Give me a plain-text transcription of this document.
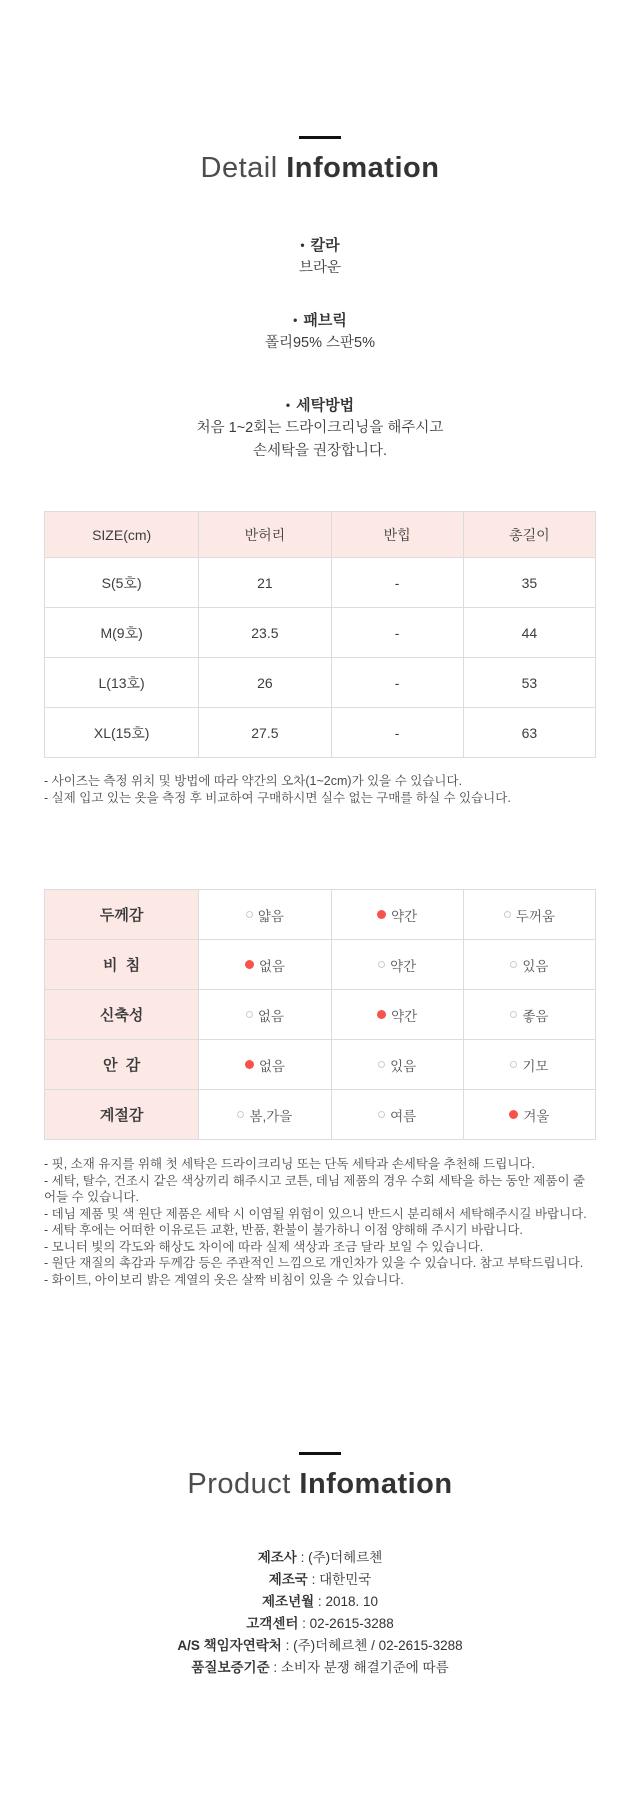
Detail Infomation
• 칼라
브라운
• 패브릭
폴리95% 스판5%
• 세탁방법
처음 1~2회는 드라이크리닝을 해주시고
손세탁을 권장합니다.
SIZE(cm)	반허리	반힙	총길이
S(5호)	21	-	35
M(9호)	23.5	-	44
L(13호)	26	-	53
XL(15호)	27.5	-	63
- 사이즈는 측정 위치 및 방법에 따라 약간의 오차(1~2cm)가 있을 수 있습니다.
- 실제 입고 있는 옷을 측정 후 비교하여 구매하시면 실수 없는 구매를 하실 수 있습니다.
두께감	얇음	약간	두꺼움

비  침	없음	약간	있음

신축성	없음	약간	좋음

안  감	없음	있음	기모

계절감	봄,가을	여름	겨울
- 핏, 소재 유지를 위해 첫 세탁은 드라이크리닝 또는 단독 세탁과 손세탁을 추천해 드립니다.
- 세탁, 탈수, 건조시 같은 색상끼리 해주시고 코튼, 데님 제품의 경우 수회 세탁을 하는 동안 제품이 줄어들 수 있습니다.
- 데님 제품 및 색 원단 제품은 세탁 시 이염될 위험이 있으니 반드시 분리해서 세탁해주시길 바랍니다.
- 세탁 후에는 어떠한 이유로든 교환, 반품, 환불이 불가하니 이점 양해해 주시기 바랍니다.
- 모니터 빛의 각도와 해상도 차이에 따라 실제 색상과 조금 달라 보일 수 있습니다.
- 원단 재질의 촉감과 두께감 등은 주관적인 느낌으로 개인차가 있을 수 있습니다. 참고 부탁드립니다.
- 화이트, 아이보리 밝은 계열의 옷은 살짝 비침이 있을 수 있습니다.
Product Infomation
제조사 : (주)더헤르첸
제조국 : 대한민국
제조년월 : 2018. 10
고객센터 : 02-2615-3288
A/S 책임자연락처 : (주)더헤르첸 / 02-2615-3288
품질보증기준 : 소비자 분쟁 해결기준에 따름
